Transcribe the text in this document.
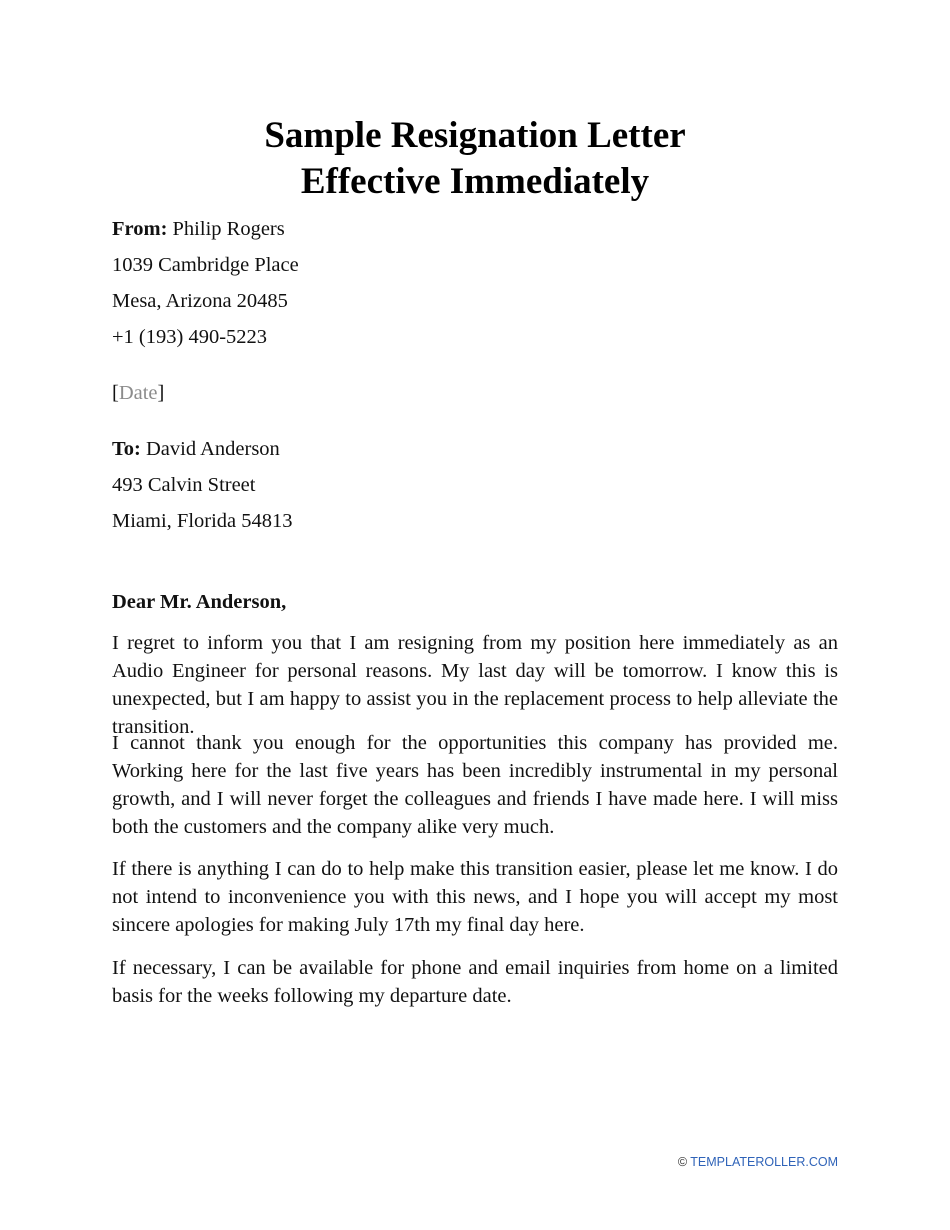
Sample Resignation Letter
Effective Immediately
From: Philip Rogers
1039 Cambridge Place
Mesa, Arizona 20485
+1 (193) 490-5223
[Date]
To: David Anderson
493 Calvin Street
Miami, Florida 54813
Dear Mr. Anderson,

I regret to inform you that I am resigning from my position here immediately as an Audio Engineer for personal reasons. My last day will be tomorrow. I know this is unexpected, but I am happy to assist you in the replacement process to help alleviate the transition.

I cannot thank you enough for the opportunities this company has provided me. Working here for the last five years has been incredibly instrumental in my personal growth, and I will never forget the colleagues and friends I have made here. I will miss both the customers and the company alike very much.

If there is anything I can do to help make this transition easier, please let me know. I do not intend to inconvenience you with this news, and I hope you will accept my most sincere apologies for making July 17th my final day here.

If necessary, I can be available for phone and email inquiries from home on a limited basis for the weeks following my departure date.

© TEMPLATEROLLER.COM
